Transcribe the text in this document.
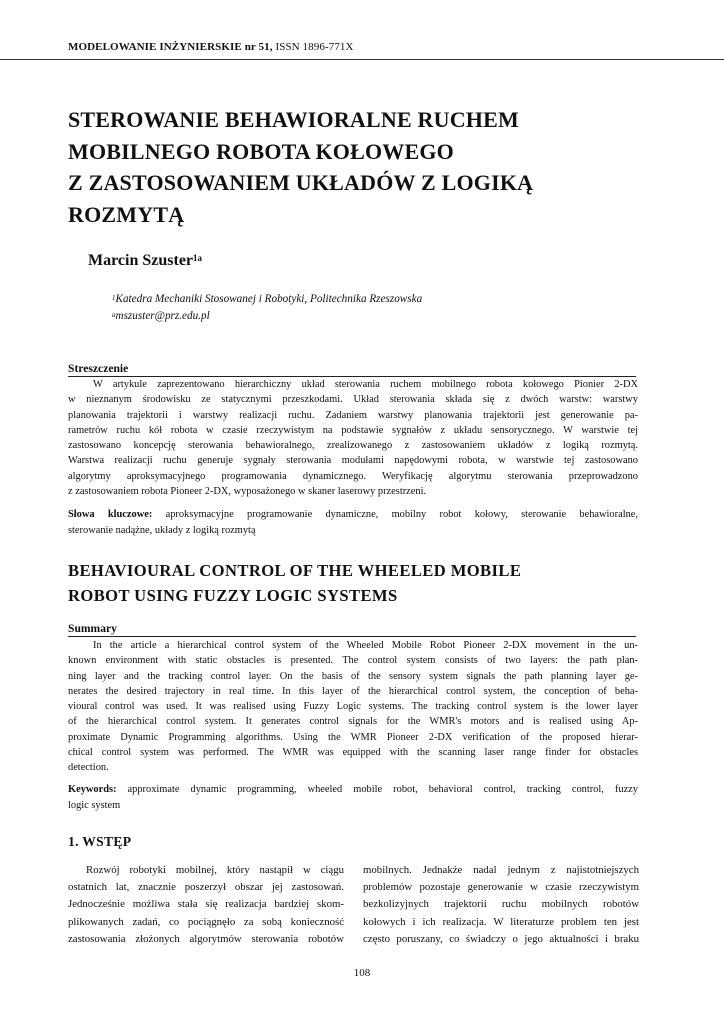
MODELOWANIE INŻYNIERSKIE nr 51, ISSN 1896-771X
STEROWANIE BEHAWIORALNE RUCHEM
MOBILNEGO ROBOTA KOŁOWEGO
Z ZASTOSOWANIEM UKŁADÓW Z LOGIKĄ
ROZMYTĄ
Marcin Szuster$^{1a}$
$^1$Katedra Mechaniki Stosowanej i Robotyki, Politechnika Rzeszowska
$^a$mszuster@prz.edu.pl
Streszczenie
W artykule zaprezentowano hierarchiczny układ sterowania ruchem mobilnego robota kołowego Pionier 2-DX
w nieznanym środowisku ze statycznymi przeszkodami. Układ sterowania składa się z dwóch warstw: warstwy
planowania trajektorii i warstwy realizacji ruchu. Zadaniem warstwy planowania trajektorii jest generowanie pa-
rametrów ruchu kół robota w czasie rzeczywistym na podstawie sygnałów z układu sensorycznego. W warstwie tej
zastosowano koncepcję sterowania behawioralnego, zrealizowanego z zastosowaniem układów z logiką rozmytą.
Warstwa realizacji ruchu generuje sygnały sterowania modułami napędowymi robota, w warstwie tej zastosowano
algorytmy aproksymacyjnego programowania dynamicznego. Weryfikację algorytmu sterowania przeprowadzono
z zastosowaniem robota Pioneer 2-DX, wyposażonego w skaner laserowy przestrzeni.
Słowa kluczowe: aproksymacyjne programowanie dynamiczne, mobilny robot kołowy, sterowanie behawioralne,
sterowanie nadążne, układy z logiką rozmytą
BEHAVIOURAL CONTROL OF THE WHEELED MOBILE
ROBOT USING FUZZY LOGIC SYSTEMS
Summary
In the article a hierarchical control system of the Wheeled Mobile Robot Pioneer 2-DX movement in the un-
known environment with static obstacles is presented. The control system consists of two layers: the path plan-
ning layer and the tracking control layer. On the basis of the sensory system signals the path planning layer ge-
nerates the desired trajectory in real time. In this layer of the hierarchical control system, the conception of beha-
vioural control was used. It was realised using Fuzzy Logic systems. The tracking control system is the lower layer
of the hierarchical control system. It generates control signals for the WMR's motors and is realised using Ap-
proximate Dynamic Programming algorithms. Using the WMR Pioneer 2-DX verification of the proposed hierar-
chical control system was performed. The WMR was equipped with the scanning laser range finder for obstacles
detection.
Keywords: approximate dynamic programming, wheeled mobile robot, behavioral control, tracking control, fuzzy
logic system
1. WSTĘP
Rozwój robotyki mobilnej, który nastąpił w ciągu
ostatnich lat, znacznie poszerzył obszar jej zastosowań.
Jednocześnie możliwa stała się realizacja bardziej skom-
plikowanych zadań, co pociągnęło za sobą konieczność
zastosowania złożonych algorytmów sterowania robotów
mobilnych. Jednakże nadal jednym z najistotniejszych
problemów pozostaje generowanie w czasie rzeczywistym
bezkolizyjnych trajektorii ruchu mobilnych robotów
kołowych i ich realizacja. W literaturze problem ten jest
często poruszany, co świadczy o jego aktualności i braku
108
